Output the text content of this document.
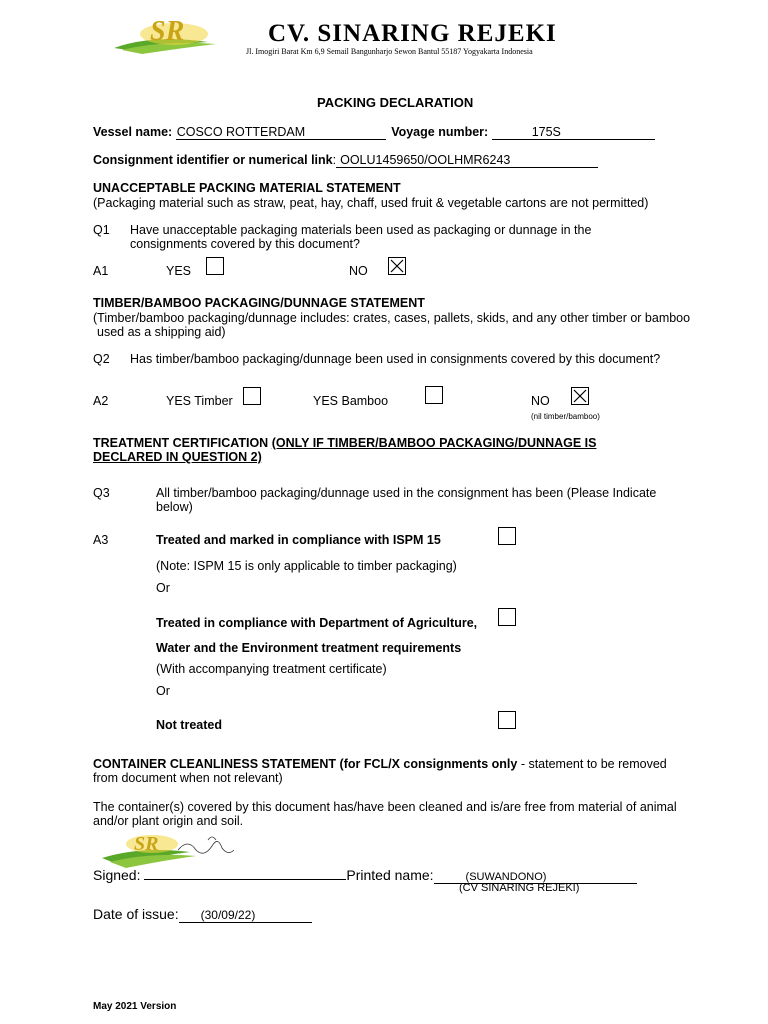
SR	CV. SINARING REJEKI
Jl. Imogiri Barat Km 6,9 Semail Bangunharjo Sewon Bantul 55187 Yogyakarta Indonesia
PACKING DECLARATION
Vessel name: COSCO ROTTERDAM	Voyage number:	175S
Consignment identifier or numerical link: OOLU1459650/OOLHMR6243
UNACCEPTABLE PACKING MATERIAL STATEMENT
(Packaging material such as straw, peat, hay, chaff, used fruit & vegetable cartons are not permitted)
Q1 Have unacceptable packaging materials been used as packaging or dunnage in the
consignments covered by this document?
A1	YES	NO
TIMBER/BAMBOO PACKAGING/DUNNAGE STATEMENT
(Timber/bamboo packaging/dunnage includes: crates, cases, pallets, skids, and any other timber or bamboo
used as a shipping aid)
Q2 Has timber/bamboo packaging/dunnage been used in consignments covered by this document?
A2	YES Timber	YES Bamboo	NO
(nil timber/bamboo)
TREATMENT CERTIFICATION (ONLY IF TIMBER/BAMBOO PACKAGING/DUNNAGE IS
DECLARED IN QUESTION 2)
Q3	All timber/bamboo packaging/dunnage used in the consignment has been (Please Indicate
below)
A3	Treated and marked in compliance with ISPM 15
(Note: ISPM 15 is only applicable to timber packaging)
Or
Treated in compliance with Department of Agriculture,
Water and the Environment treatment requirements
(With accompanying treatment certificate)
Or
Not treated
CONTAINER CLEANLINESS STATEMENT (for FCL/X consignments only - statement to be removed
from document when not relevant)
The container(s) covered by this document has/have been cleaned and is/are free from material of animal
and/or plant origin and soil.
SR
Signed:	Printed name:	(SUWANDONO)
(CV SINARING REJEKI)
Date of issue: (30/09/22)
May 2021 Version
